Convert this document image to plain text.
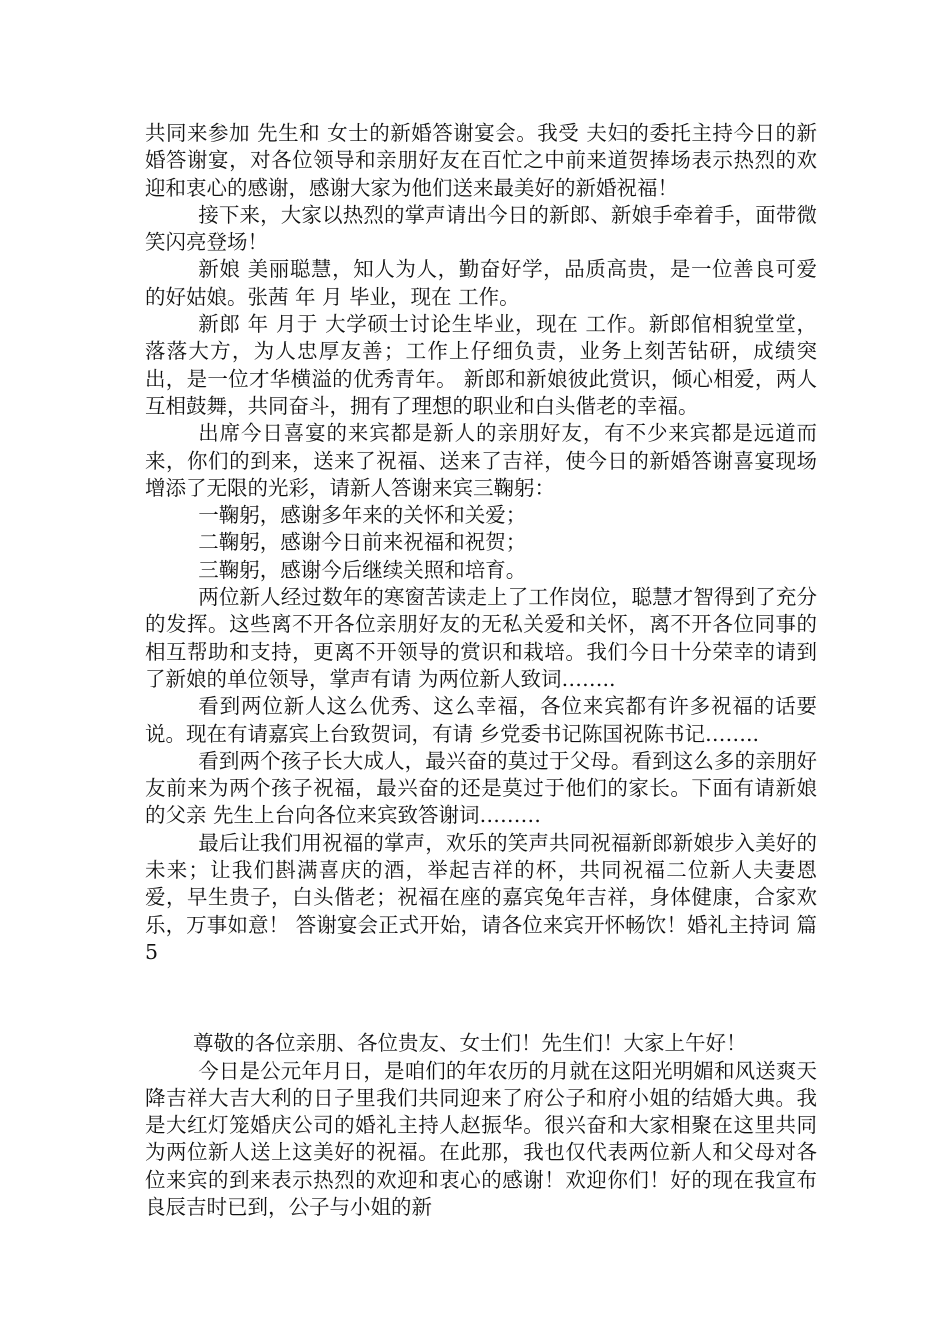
共同来参加 先生和 女士的新婚答谢宴会。我受 夫妇的委托主持今日的新婚答谢宴，对各位领导和亲朋好友在百忙之中前来道贺捧场表示热烈的欢迎和衷心的感谢，感谢大家为他们送来最美好的新婚祝福！

接下来，大家以热烈的掌声请出今日的新郎、新娘手牵着手，面带微笑闪亮登场！

新娘 美丽聪慧，知人为人，勤奋好学，品质高贵，是一位善良可爱的好姑娘。张茜 年 月 毕业，现在 工作。

新郎 年 月于 大学硕士讨论生毕业，现在 工作。新郎倌相貌堂堂，落落大方，为人忠厚友善；工作上仔细负责，业务上刻苦钻研，成绩突出，是一位才华横溢的优秀青年。 新郎和新娘彼此赏识，倾心相爱，两人互相鼓舞，共同奋斗，拥有了理想的职业和白头偕老的幸福。

出席今日喜宴的来宾都是新人的亲朋好友，有不少来宾都是远道而来，你们的到来，送来了祝福、送来了吉祥，使今日的新婚答谢喜宴现场增添了无限的光彩，请新人答谢来宾三鞠躬：

一鞠躬，感谢多年来的关怀和关爱；

二鞠躬，感谢今日前来祝福和祝贺；

三鞠躬，感谢今后继续关照和培育。

两位新人经过数年的寒窗苦读走上了工作岗位，聪慧才智得到了充分的发挥。这些离不开各位亲朋好友的无私关爱和关怀，离不开各位同事的相互帮助和支持，更离不开领导的赏识和栽培。我们今日十分荣幸的请到了新娘的单位领导，掌声有请 为两位新人致词……..

看到两位新人这么优秀、这么幸福，各位来宾都有许多祝福的话要说。现在有请嘉宾上台致贺词，有请 乡党委书记陈国祝陈书记……..

看到两个孩子长大成人，最兴奋的莫过于父母。看到这么多的亲朋好友前来为两个孩子祝福，最兴奋的还是莫过于他们的家长。下面有请新娘的父亲 先生上台向各位来宾致答谢词………

最后让我们用祝福的掌声，欢乐的笑声共同祝福新郎新娘步入美好的未来；让我们斟满喜庆的酒，举起吉祥的杯，共同祝福二位新人夫妻恩爱，早生贵子，白头偕老；祝福在座的嘉宾兔年吉祥，身体健康，合家欢乐，万事如意！ 答谢宴会正式开始，请各位来宾开怀畅饮！婚礼主持词 篇5

尊敬的各位亲朋、各位贵友、女士们！先生们！大家上午好！

今日是公元年月日，是咱们的年农历的月就在这阳光明媚和风送爽天降吉祥大吉大利的日子里我们共同迎来了府公子和府小姐的结婚大典。我是大红灯笼婚庆公司的婚礼主持人赵振华。很兴奋和大家相聚在这里共同为两位新人送上这美好的祝福。在此那，我也仅代表两位新人和父母对各位来宾的到来表示热烈的欢迎和衷心的感谢！欢迎你们！好的现在我宣布良辰吉时已到，公子与小姐的新
